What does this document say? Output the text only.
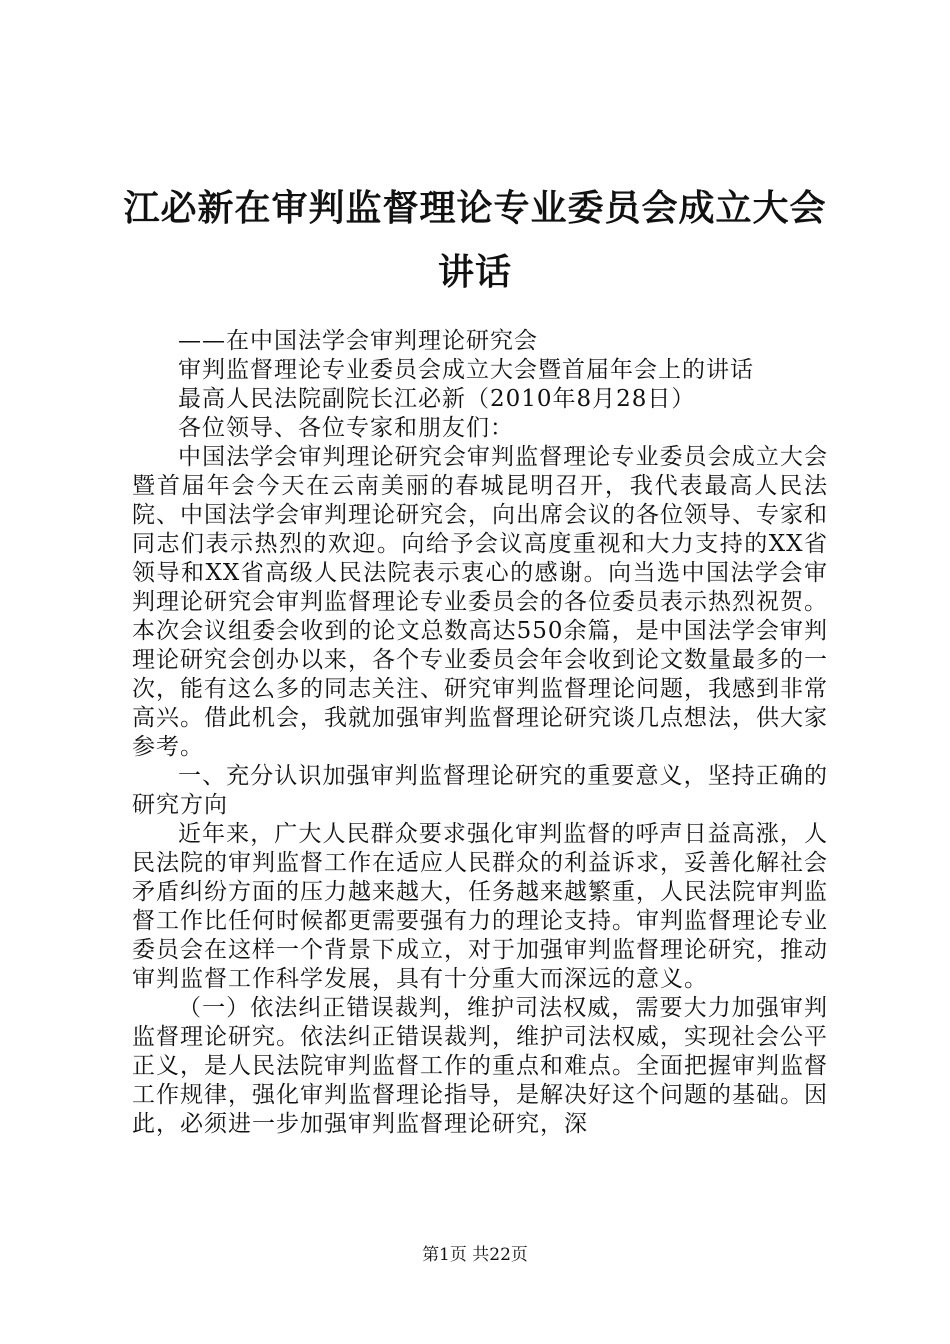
江必新在审判监督理论专业委员会成立大会讲话

——在中国法学会审判理论研究会

审判监督理论专业委员会成立大会暨首届年会上的讲话

最高人民法院副院长江必新（2010年8月28日）

各位领导、各位专家和朋友们：

中国法学会审判理论研究会审判监督理论专业委员会成立大会暨首届年会今天在云南美丽的春城昆明召开，我代表最高人民法院、中国法学会审判理论研究会，向出席会议的各位领导、专家和同志们表示热烈的欢迎。向给予会议高度重视和大力支持的XX省领导和XX省高级人民法院表示衷心的感谢。向当选中国法学会审判理论研究会审判监督理论专业委员会的各位委员表示热烈祝贺。本次会议组委会收到的论文总数高达550余篇，是中国法学会审判理论研究会创办以来，各个专业委员会年会收到论文数量最多的一次，能有这么多的同志关注、研究审判监督理论问题，我感到非常高兴。借此机会，我就加强审判监督理论研究谈几点想法，供大家参考。

一、充分认识加强审判监督理论研究的重要意义，坚持正确的研究方向

近年来，广大人民群众要求强化审判监督的呼声日益高涨，人民法院的审判监督工作在适应人民群众的利益诉求，妥善化解社会矛盾纠纷方面的压力越来越大，任务越来越繁重，人民法院审判监督工作比任何时候都更需要强有力的理论支持。审判监督理论专业委员会在这样一个背景下成立，对于加强审判监督理论研究，推动审判监督工作科学发展，具有十分重大而深远的意义。

（一）依法纠正错误裁判，维护司法权威，需要大力加强审判监督理论研究。依法纠正错误裁判，维护司法权威，实现社会公平正义，是人民法院审判监督工作的重点和难点。全面把握审判监督工作规律，强化审判监督理论指导，是解决好这个问题的基础。因此，必须进一步加强审判监督理论研究，深

第1页 共22页
